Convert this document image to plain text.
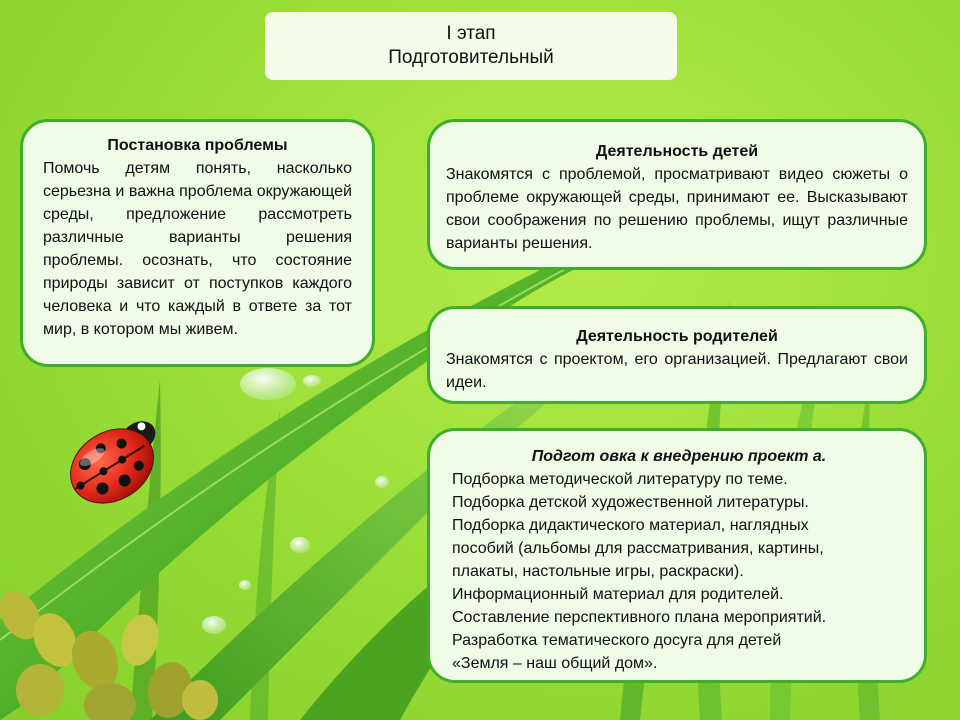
I этап
Подготовительный
Постановка проблемы

Помочь детям понять, насколько серьезна и важна проблема окружающей среды, предложение рассмотреть различные варианты решения проблемы. осознать, что состояние природы зависит от поступков каждого человека и что каждый в ответе за тот мир, в котором мы живем.

Деятельность детей

Знакомятся с проблемой, просматривают видео сюжеты о проблеме окружающей среды, принимают ее. Высказывают свои соображения по решению проблемы, ищут различные варианты решения.

Деятельность родителей

Знакомятся с проектом, его организацией. Предлагают свои идеи.

Подгот овка к внедрению проект а.
Подборка методической литературу по теме.
Подборка детской художественной литературы.
Подборка дидактического материал, наглядных
пособий (альбомы для рассматривания, картины,
плакаты, настольные игры, раскраски).
Информационный материал для родителей.
Составление перспективного плана мероприятий.
Разработка тематического досуга для детей
«Земля – наш общий дом».
